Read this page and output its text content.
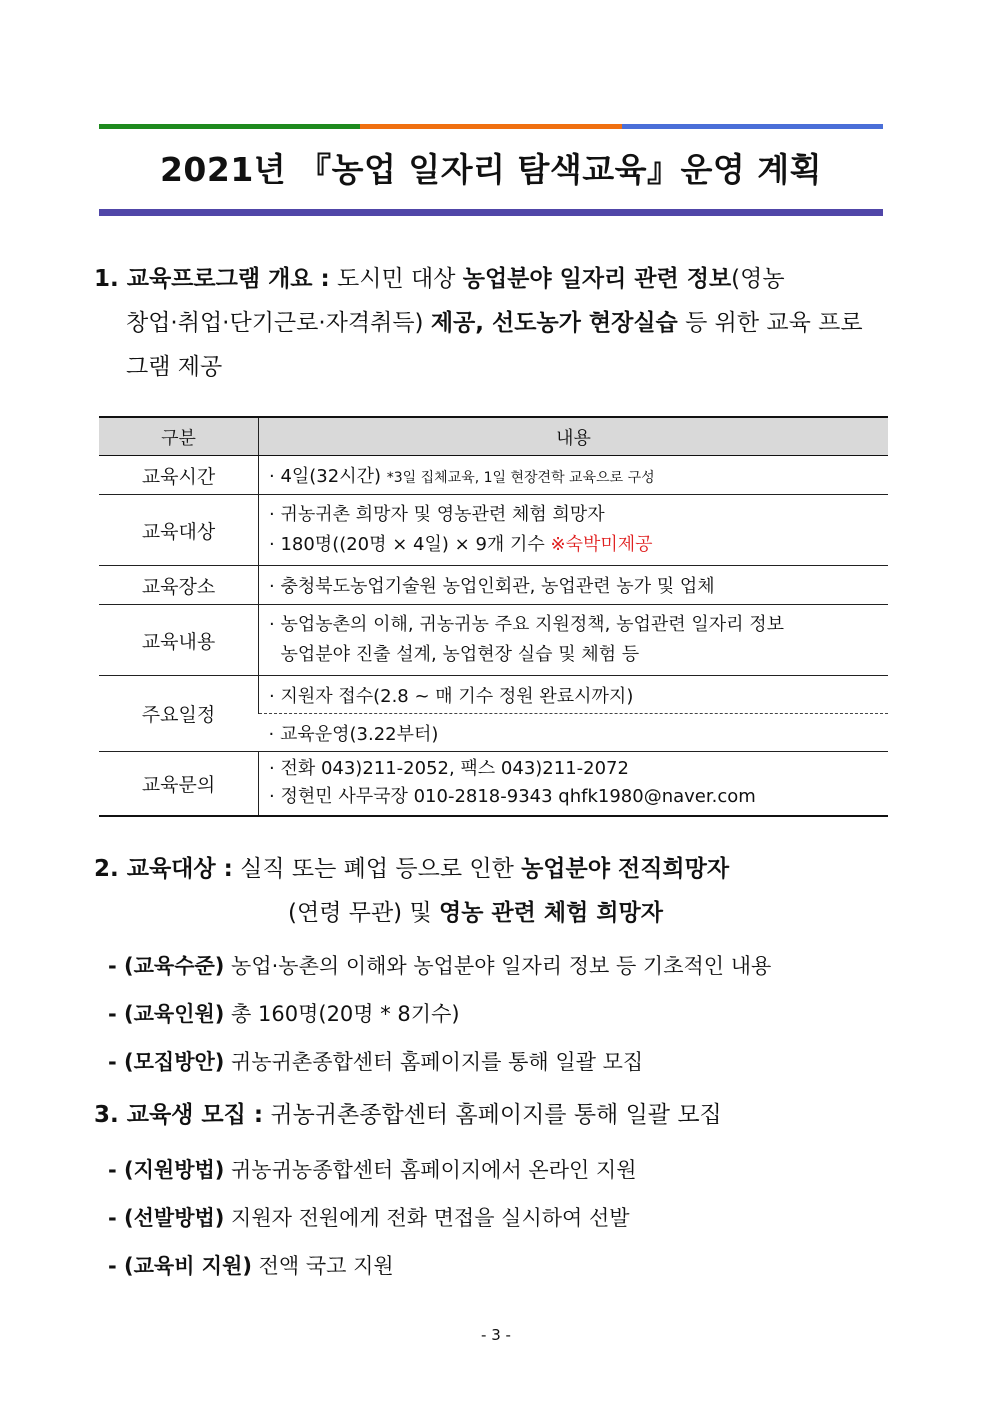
2021년 『농업 일자리 탐색교육』운영 계획
1. 교육프로그램 개요 : 도시민 대상 농업분야 일자리 관련 정보(영농
창업·취업·단기근로·자격취득) 제공, 선도농가 현장실습 등 위한 교육 프로
그램 제공
구분	내용
교육시간	· 4일(32시간) *3일 집체교육, 1일 현장견학 교육으로 구성
교육대상	· 귀농귀촌 희망자 및 영농관련 체험 희망자
· 180명((20명 × 4일) × 9개 기수 ※숙박미제공

교육장소	· 충청북도농업기술원 농업인회관, 농업관련 농가 및 업체
교육내용	· 농업농촌의 이해, 귀농귀농 주요 지원정책, 농업관련 일자리 정보
농업분야 진출 설계, 농업현장 실습 및 체험 등

주요일정	· 지원자 접수(2.8 ~ 매 기수 정원 완료시까지)
	· 교육운영(3.22부터)
교육문의	· 전화 043)211-2052, 팩스 043)211-2072
· 정현민 사무국장 010-2818-9343 qhfk1980@naver.com
2. 교육대상 : 실직 또는 폐업 등으로 인한 농업분야 전직희망자
(연령 무관) 및 영농 관련 체험 희망자
- (교육수준) 농업·농촌의 이해와 농업분야 일자리 정보 등 기초적인 내용
- (교육인원) 총 160명(20명 * 8기수)
- (모집방안) 귀농귀촌종합센터 홈페이지를 통해 일괄 모집
3. 교육생 모집 : 귀농귀촌종합센터 홈페이지를 통해 일괄 모집
- (지원방법) 귀농귀농종합센터 홈페이지에서 온라인 지원
- (선발방법) 지원자 전원에게 전화 면접을 실시하여 선발
- (교육비 지원) 전액 국고 지원
- 3 -
